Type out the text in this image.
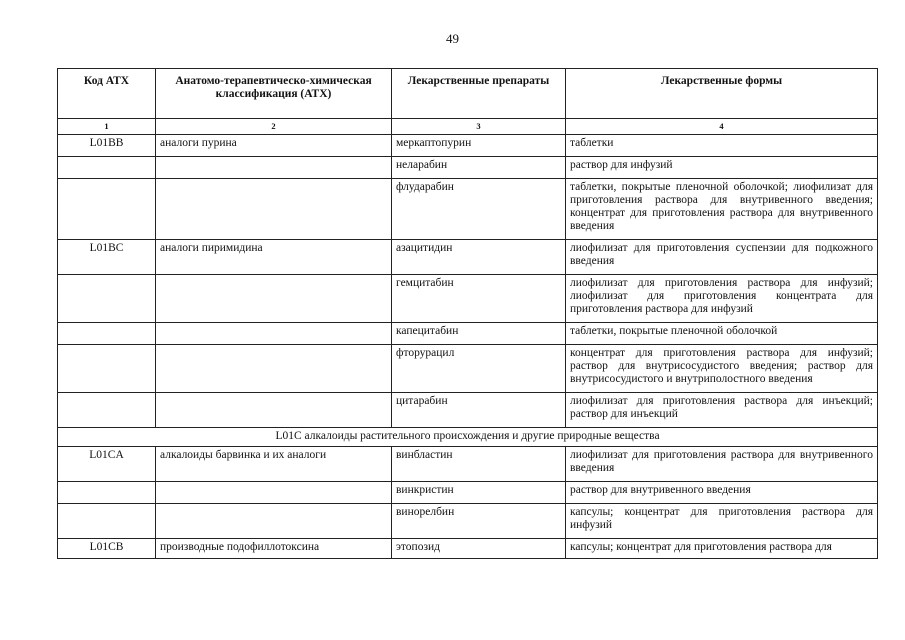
49
Код АТХ	Анатомо-терапевтическо-химическая классификация (АТХ)	Лекарственные препараты	Лекарственные формы
1	2	3	4
L01BB	аналоги пурина	меркаптопурин	таблетки
		неларабин	раствор для инфузий
		флударабин	таблетки, покрытые пленочной оболочкой; лиофилизат для приготовления раствора для внутривенного введения; концентрат для приготовления раствора для внутривенного введения
L01BC	аналоги пиримидина	азацитидин	лиофилизат для приготовления суспензии для подкожного введения
		гемцитабин	лиофилизат для приготовления раствора для инфузий; лиофилизат для приготовления концентрата для приготовления раствора для инфузий
		капецитабин	таблетки, покрытые пленочной оболочкой
		фторурацил	концентрат для приготовления раствора для инфузий; раствор для внутрисосудистого введения; раствор для внутрисосудистого и внутриполостного введения
		цитарабин	лиофилизат для приготовления раствора для инъекций; раствор для инъекций
L01C алкалоиды растительного происхождения и другие природные вещества			
L01CA	алкалоиды барвинка и их аналоги	винбластин	лиофилизат для приготовления раствора для внутривенного введения
		винкристин	раствор для внутривенного введения
		винорелбин	капсулы; концентрат для приготовления раствора для инфузий
L01CB	производные подофиллотоксина	этопозид	капсулы; концентрат для приготовления раствора для
